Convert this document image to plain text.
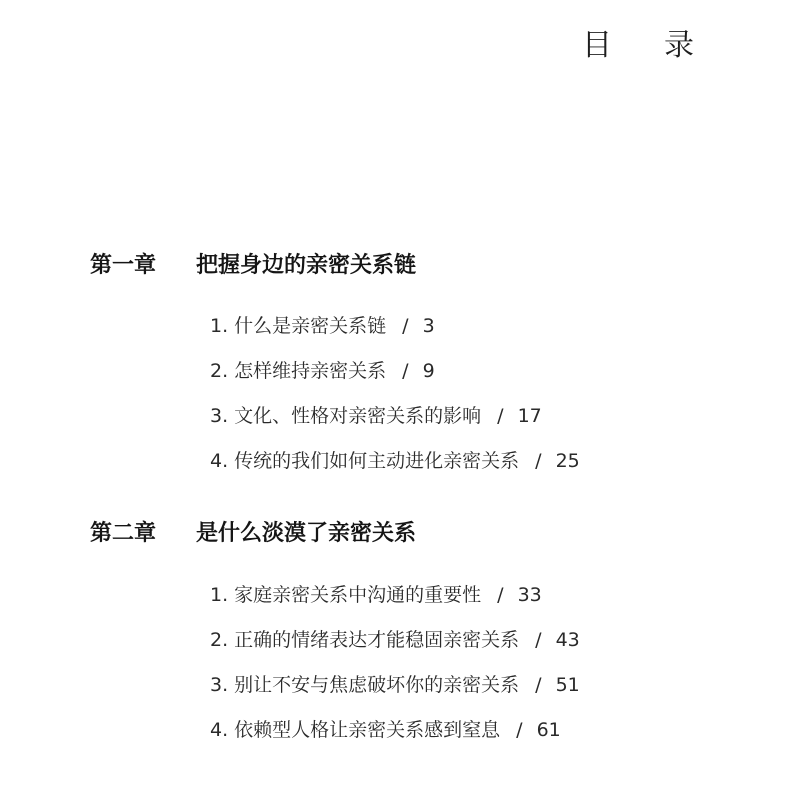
目录
第一章 把握身边的亲密关系链
1. 什么是亲密关系链 / 3
2. 怎样维持亲密关系 / 9
3. 文化、性格对亲密关系的影响 / 17
4. 传统的我们如何主动进化亲密关系 / 25
第二章 是什么淡漠了亲密关系
1. 家庭亲密关系中沟通的重要性 / 33
2. 正确的情绪表达才能稳固亲密关系 / 43
3. 别让不安与焦虑破坏你的亲密关系 / 51
4. 依赖型人格让亲密关系感到窒息 / 61
